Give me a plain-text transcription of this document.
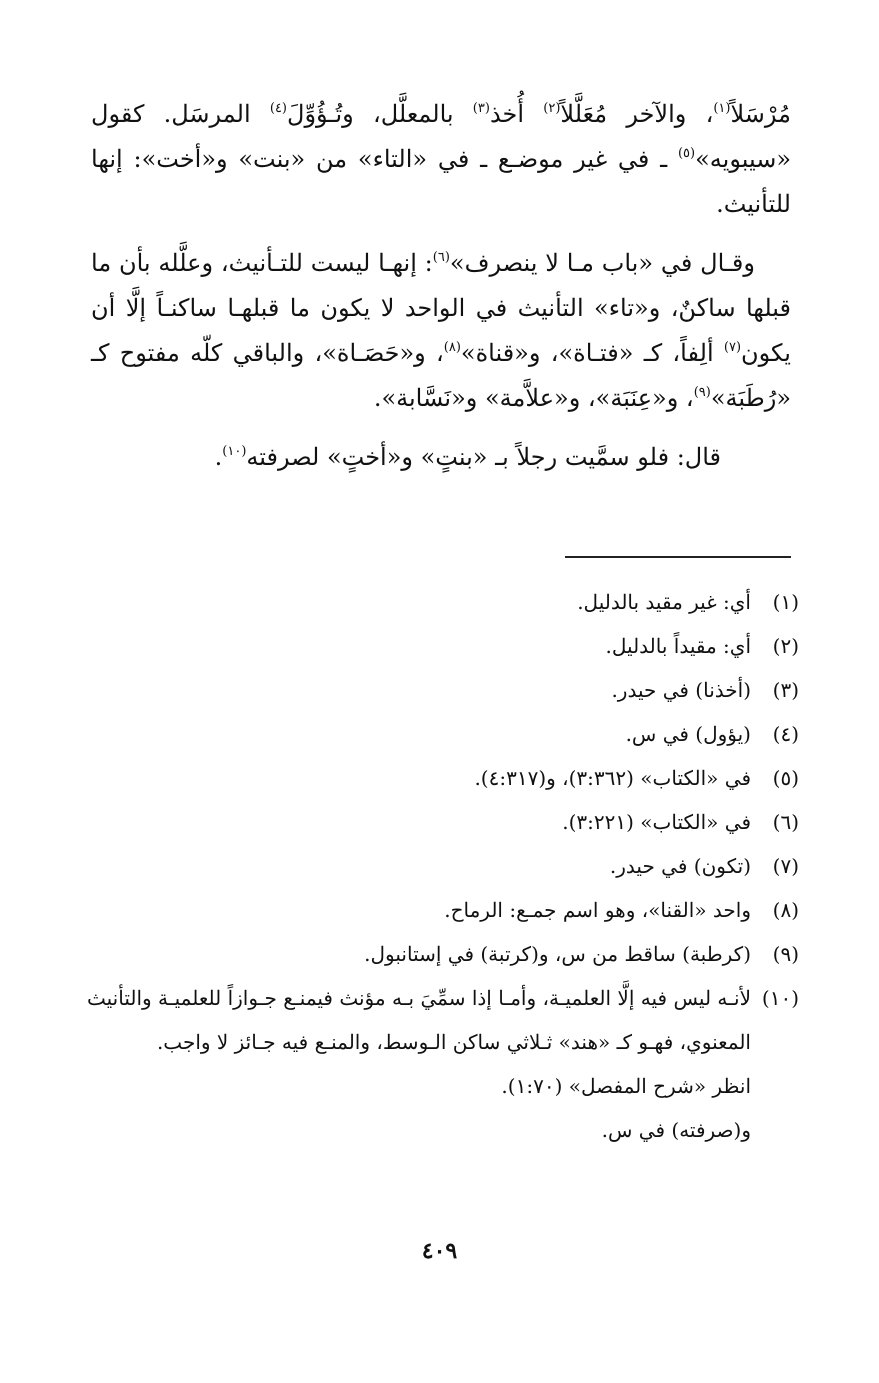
مُرْسَلاً$^{(١)}$، والآخر مُعَلَّلاً$^{(٢)}$ أُخذ$^{(٣)}$ بالمعلَّل، وتُـؤُوِّلَ$^{(٤)}$ المرسَل. كقول «سيبويه»$^{(٥)}$ ـ في غير موضـع ـ في «التاء» من «بنت» و«أخت»: إنها للتأنيث.

وقـال في «باب مـا لا ينصرف»$^{(٦)}$: إنهـا ليست للتـأنيث، وعلَّله بأن ما قبلها ساكنٌ، و«تاء» التأنيث في الواحد لا يكون ما قبلهـا ساكنـاً إلَّا أن يكون$^{(٧)}$ ألِفاً، كـ «فتـاة»، و«قناة»$^{(٨)}$، و«حَصَـاة»، والباقي كلّه مفتوح كـ «رُطَبَة»$^{(٩)}$، و«عِنَبَة»، و«علاَّمة» و«نَسَّابة».

قال: فلو سمَّيت رجلاً بـ «بنتٍ» و«أختٍ» لصرفته$^{(١٠)}$.

(١)
أي: غير مقيد بالدليل.
(٢)
أي: مقيداً بالدليل.
(٣)
(أخذنا) في حيدر.
(٤)
(يؤول) في س.
(٥)
في «الكتاب» (٣:٣٦٢)، و(٤:٣١٧).
(٦)
في «الكتاب» (٣:٢٢١).
(٧)
(تكون) في حيدر.
(٨)
واحد «القنا»، وهو اسم جمـع: الرماح.
(٩)
(كرطبة) ساقط من س، و(كرتبة) في إستانبول.
(١٠)
لأنـه ليس فيه إلَّا العلميـة، وأمـا إذا سمِّيَ بـه مؤنث فيمنـع جـوازاً للعلميـة والتأنيث المعنوي، فهـو كـ «هند» ثـلاثي ساكن الـوسط، والمنـع فيه جـائز لا واجب.
انظر «شرح المفصل» (١:٧٠).
و(صرفته) في س.
٤٠٩
